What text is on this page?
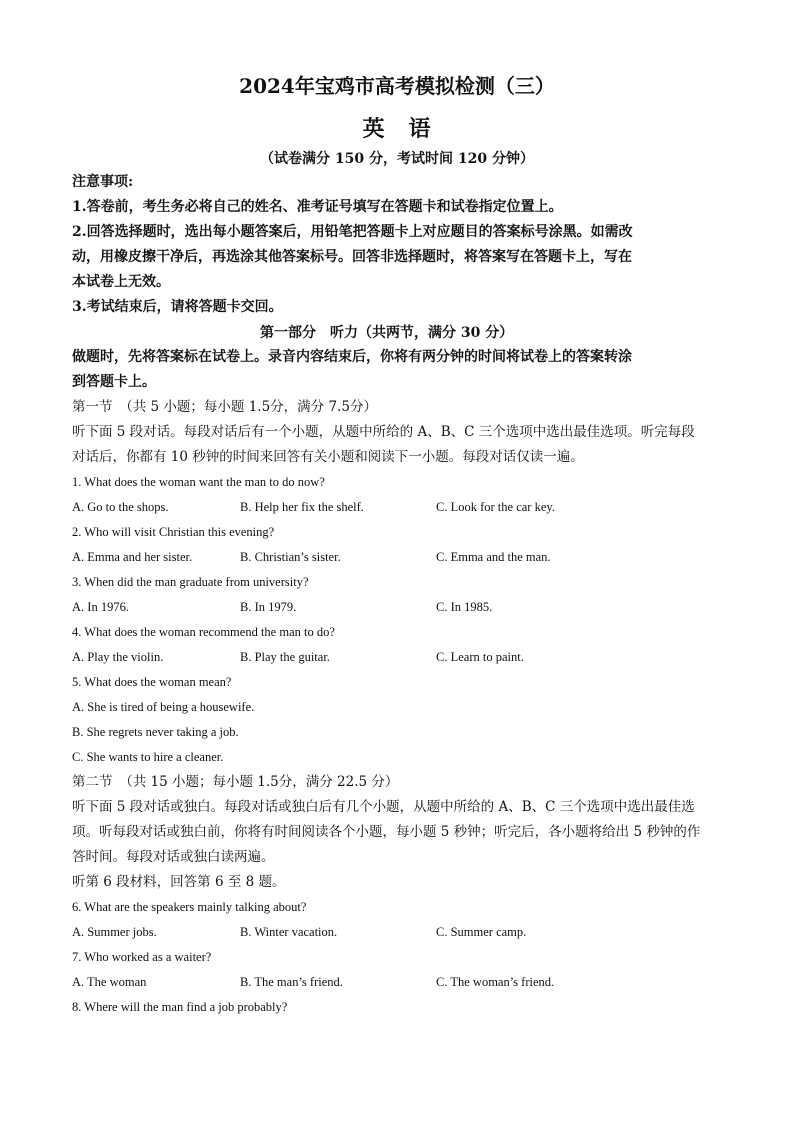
2024年宝鸡市高考模拟检测（三）
英　语
（试卷满分 150 分，考试时间 120 分钟）
注意事项:
1.答卷前，考生务必将自己的姓名、准考证号填写在答题卡和试卷指定位置上。
2.回答选择题时，选出每小题答案后，用铅笔把答题卡上对应题目的答案标号涂黑。如需改
动，用橡皮擦干净后，再选涂其他答案标号。回答非选择题时，将答案写在答题卡上，写在
本试卷上无效。
3.考试结束后，请将答题卡交回。
第一部分　听力（共两节，满分 30 分）
做题时，先将答案标在试卷上。录音内容结束后，你将有两分钟的时间将试卷上的答案转涂
到答题卡上。
第一节　（共 5 小题；每小题 1.5分，满分 7.5分）
听下面 5 段对话。每段对话后有一个小题，从题中所给的 A、B、C 三个选项中选出最佳选项。听完每段
对话后，你都有 10 秒钟的时间来回答有关小题和阅读下一小题。每段对话仅读一遍。
1. What does the woman want the man to do now?
A. Go to the shops.	B. Help her fix the shelf.	C. Look for the car key.
2. Who will visit Christian this evening?
A. Emma and her sister.	B. Christian’s sister.	C. Emma and the man.
3. When did the man graduate from university?
A. In 1976.	B. In 1979.	C. In 1985.
4. What does the woman recommend the man to do?
A. Play the violin.	B. Play the guitar.	C. Learn to paint.
5. What does the woman mean?
A. She is tired of being a housewife.
B. She regrets never taking a job.
C. She wants to hire a cleaner.
第二节　（共 15 小题；每小题 1.5分，满分 22.5 分）
听下面 5 段对话或独白。每段对话或独白后有几个小题，从题中所给的 A、B、C 三个选项中选出最佳选
项。听每段对话或独白前，你将有时间阅读各个小题，每小题 5 秒钟；听完后，各小题将给出 5 秒钟的作
答时间。每段对话或独白读两遍。
听第 6 段材料，回答第 6 至 8 题。
6. What are the speakers mainly talking about?
A. Summer jobs.	B. Winter vacation.	C. Summer camp.
7. Who worked as a waiter?
A. The woman	B. The man’s friend.	C. The woman’s friend.
8. Where will the man find a job probably?
